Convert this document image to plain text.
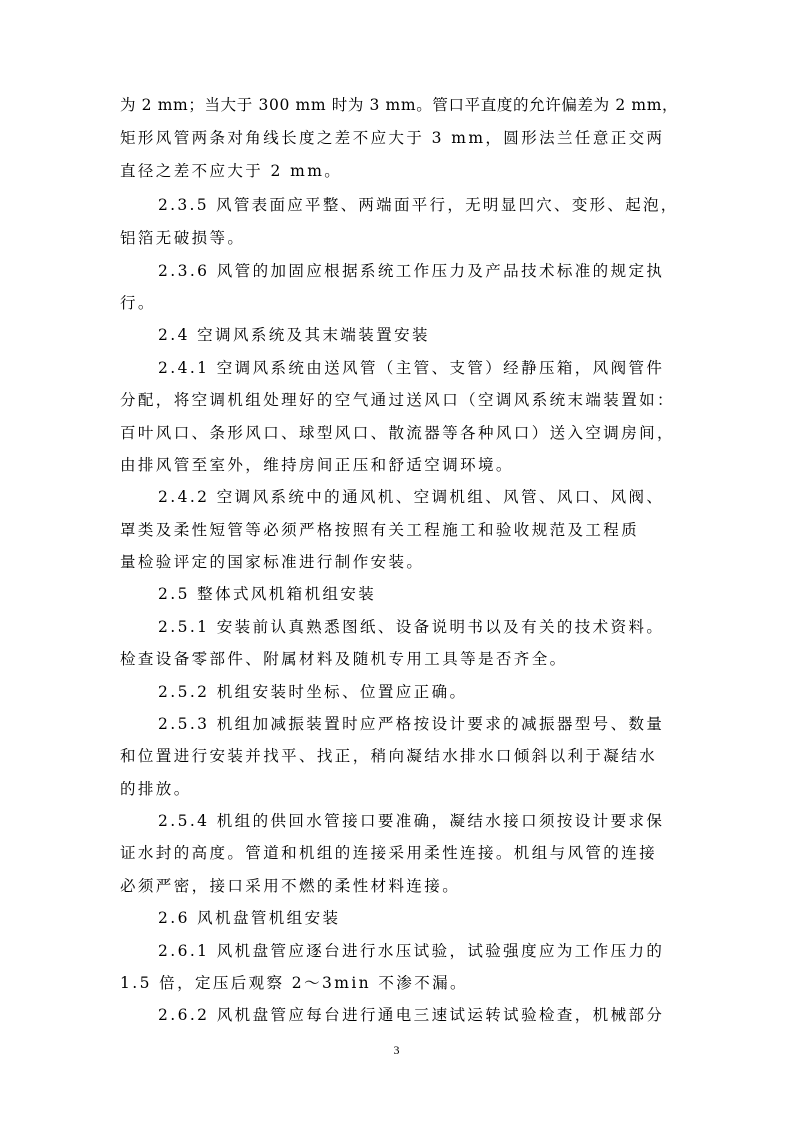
为 2 mm；当大于 300 mm 时为 3 mm。管口平直度的允许偏差为 2 mm，
矩形风管两条对角线长度之差不应大于 3 mm，圆形法兰任意正交两
直径之差不应大于 2 mm。
2.3.5 风管表面应平整、两端面平行，无明显凹穴、变形、起泡，
铝箔无破损等。
2.3.6 风管的加固应根据系统工作压力及产品技术标准的规定执
行。
2.4 空调风系统及其末端装置安装
2.4.1 空调风系统由送风管（主管、支管）经静压箱，风阀管件
分配，将空调机组处理好的空气通过送风口（空调风系统末端装置如：
百叶风口、条形风口、球型风口、散流器等各种风口）送入空调房间，
由排风管至室外，维持房间正压和舒适空调环境。
2.4.2 空调风系统中的通风机、空调机组、风管、风口、风阀、
罩类及柔性短管等必须严格按照有关工程施工和验收规范及工程质
量检验评定的国家标准进行制作安装。
2.5 整体式风机箱机组安装
2.5.1 安装前认真熟悉图纸、设备说明书以及有关的技术资料。
检查设备零部件、附属材料及随机专用工具等是否齐全。
2.5.2 机组安装时坐标、位置应正确。
2.5.3 机组加减振装置时应严格按设计要求的减振器型号、数量
和位置进行安装并找平、找正，稍向凝结水排水口倾斜以利于凝结水
的排放。
2.5.4 机组的供回水管接口要准确，凝结水接口须按设计要求保
证水封的高度。管道和机组的连接采用柔性连接。机组与风管的连接
必须严密，接口采用不燃的柔性材料连接。
2.6 风机盘管机组安装
2.6.1 风机盘管应逐台进行水压试验，试验强度应为工作压力的
1.5 倍，定压后观察 2～3min 不渗不漏。
2.6.2 风机盘管应每台进行通电三速试运转试验检查，机械部分
3
